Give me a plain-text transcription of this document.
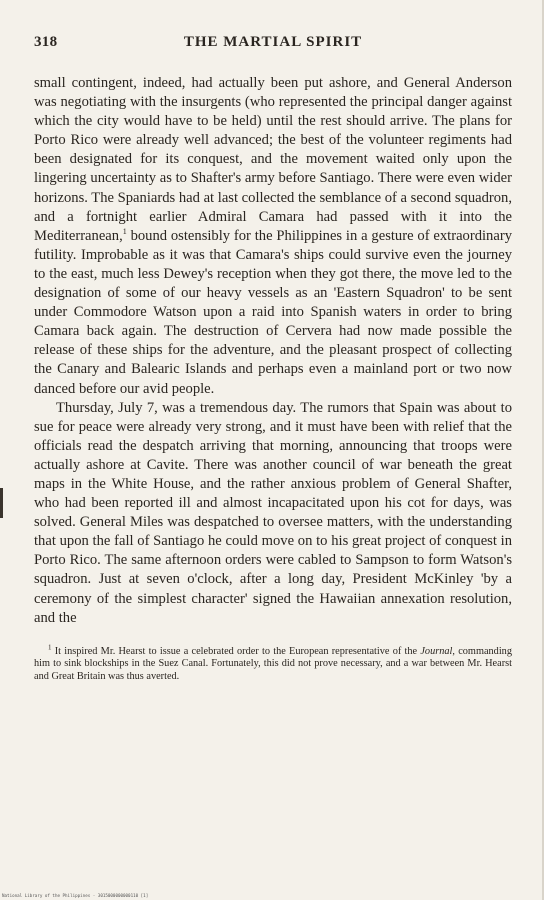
318	THE MARTIAL SPIRIT

small contingent, indeed, had actually been put ashore, and General Anderson was negotiating with the insurgents (who represented the principal danger against which the city would have to be held) until the rest should arrive. The plans for Porto Rico were already well advanced; the best of the volunteer regiments had been designated for its conquest, and the movement waited only upon the lingering uncertainty as to Shafter's army before Santiago. There were even wider horizons. The Spaniards had at last collected the semblance of a second squadron, and a fortnight earlier Admiral Camara had passed with it into the Mediterranean,$^1$ bound ostensibly for the Philippines in a gesture of extraordinary futility. Improbable as it was that Camara's ships could survive even the journey to the east, much less Dewey's reception when they got there, the move led to the designation of some of our heavy vessels as an 'Eastern Squadron' to be sent under Commodore Watson upon a raid into Spanish waters in order to bring Camara back again. The destruction of Cervera had now made possible the release of these ships for the adventure, and the pleasant prospect of collecting the Canary and Balearic Islands and perhaps even a mainland port or two now danced before our avid people.

Thursday, July 7, was a tremendous day. The rumors that Spain was about to sue for peace were already very strong, and it must have been with relief that the officials read the despatch arriving that morning, announcing that troops were actually ashore at Cavite. There was another council of war beneath the great maps in the White House, and the rather anxious problem of General Shafter, who had been reported ill and almost incapacitated upon his cot for days, was solved. General Miles was despatched to oversee matters, with the understanding that upon the fall of Santiago he could move on to his great project of conquest in Porto Rico. The same afternoon orders were cabled to Sampson to form Watson's squadron. Just at seven o'clock, after a long day, President McKinley 'by a ceremony of the simplest character' signed the Hawaiian annexation resolution, and the

$^1$ It inspired Mr. Hearst to issue a celebrated order to the European representative of the Journal, commanding him to sink blockships in the Suez Canal. Fortunately, this did not prove necessary, and a war between Mr. Hearst and Great Britain was thus averted.
National Library of the Philippines · 3015000000000110 [1]
